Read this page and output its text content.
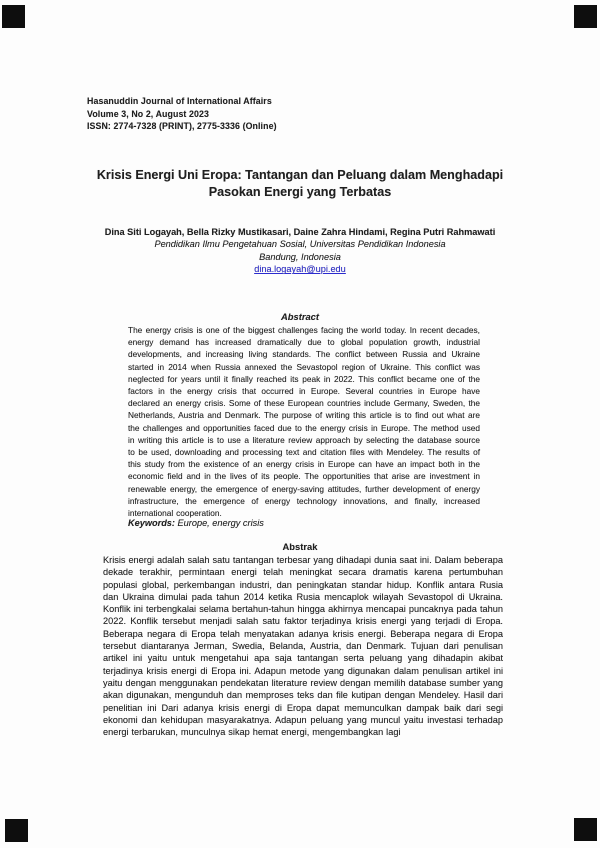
Hasanuddin Journal of International Affairs
Volume 3, No 2, August 2023
ISSN: 2774-7328 (PRINT), 2775-3336 (Online)
Krisis Energi Uni Eropa: Tantangan dan Peluang dalam Menghadapi Pasokan Energi yang Terbatas
Dina Siti Logayah, Bella Rizky Mustikasari, Daine Zahra Hindami, Regina Putri Rahmawati
Pendidikan Ilmu Pengetahuan Sosial, Universitas Pendidikan Indonesia
Bandung, Indonesia
dina.logayah@upi.edu
Abstract

The energy crisis is one of the biggest challenges facing the world today. In recent decades, energy demand has increased dramatically due to global population growth, industrial developments, and increasing living standards. The conflict between Russia and Ukraine started in 2014 when Russia annexed the Sevastopol region of Ukraine. This conflict was neglected for years until it finally reached its peak in 2022. This conflict became one of the factors in the energy crisis that occurred in Europe. Several countries in Europe have declared an energy crisis. Some of these European countries include Germany, Sweden, the Netherlands, Austria and Denmark. The purpose of writing this article is to find out what are the challenges and opportunities faced due to the energy crisis in Europe. The method used in writing this article is to use a literature review approach by selecting the database source to be used, downloading and processing text and citation files with Mendeley. The results of this study from the existence of an energy crisis in Europe can have an impact both in the economic field and in the lives of its people. The opportunities that arise are investment in renewable energy, the emergence of energy-saving attitudes, further development of energy infrastructure, the emergence of energy technology innovations, and finally, increased international cooperation.

Keywords: Europe, energy crisis

Abstrak

Krisis energi adalah salah satu tantangan terbesar yang dihadapi dunia saat ini. Dalam beberapa dekade terakhir, permintaan energi telah meningkat secara dramatis karena pertumbuhan populasi global, perkembangan industri, dan peningkatan standar hidup. Konflik antara Rusia dan Ukraina dimulai pada tahun 2014 ketika Rusia mencaplok wilayah Sevastopol di Ukraina. Konflik ini terbengkalai selama bertahun-tahun hingga akhirnya mencapai puncaknya pada tahun 2022. Konflik tersebut menjadi salah satu faktor terjadinya krisis energi yang terjadi di Eropa. Beberapa negara di Eropa telah menyatakan adanya krisis energi. Beberapa negara di Eropa tersebut diantaranya Jerman, Swedia, Belanda, Austria, dan Denmark. Tujuan dari penulisan artikel ini yaitu untuk mengetahui apa saja tantangan serta peluang yang dihadapin akibat terjadinya krisis energi di Eropa ini. Adapun metode yang digunakan dalam penulisan artikel ini yaitu dengan menggunakan pendekatan literature review dengan memilih database sumber yang akan digunakan, mengunduh dan memproses teks dan file kutipan dengan Mendeley. Hasil dari penelitian ini Dari adanya krisis energi di Eropa dapat memunculkan dampak baik dari segi ekonomi dan kehidupan masyarakatnya. Adapun peluang yang muncul yaitu investasi terhadap energi terbarukan, munculnya sikap hemat energi, mengembangkan lagi
